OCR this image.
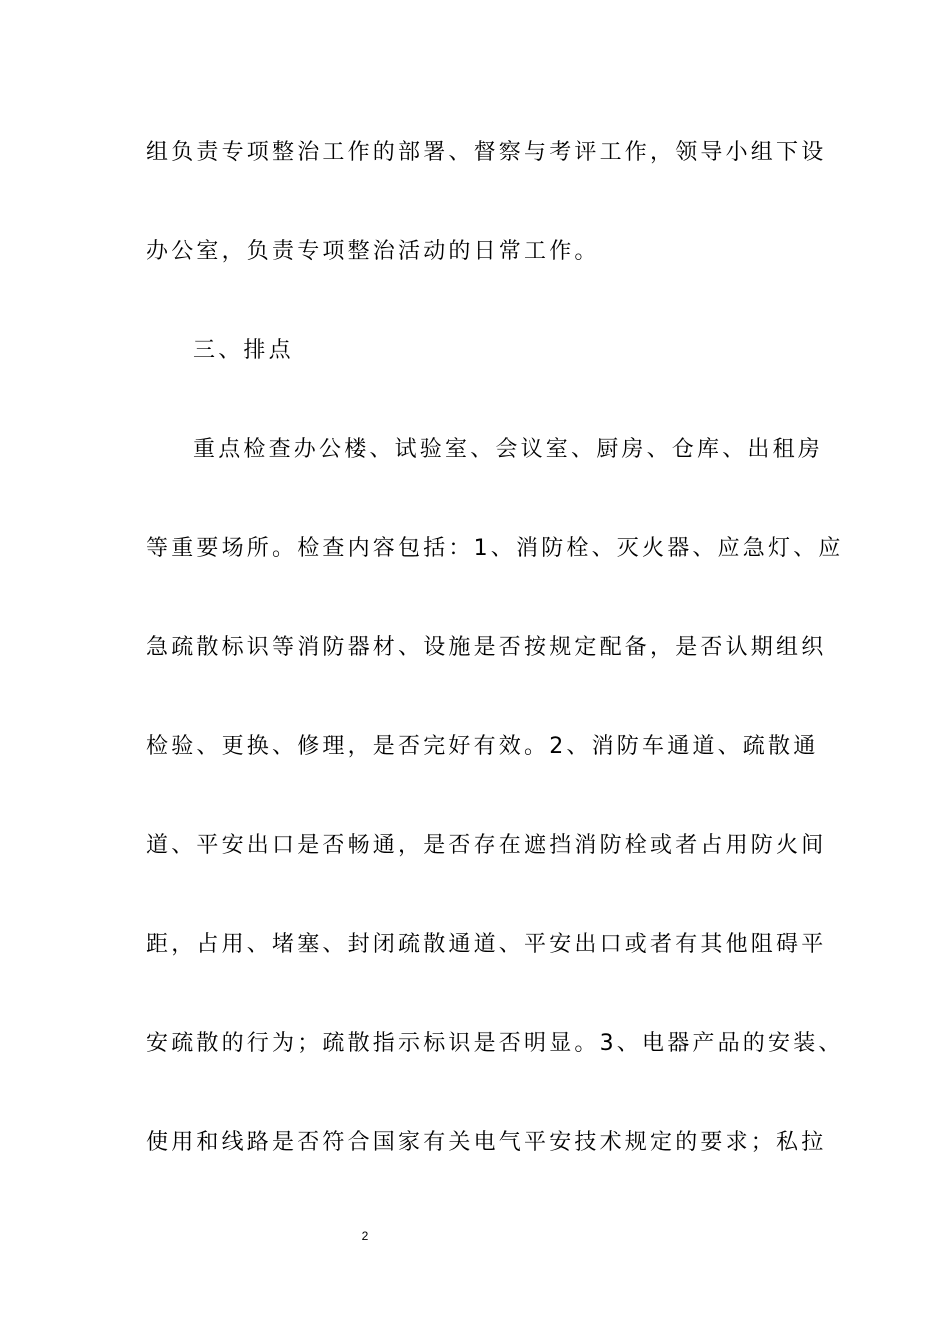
组负责专项整治工作的部署、督察与考评工作，领导小组下设
办公室，负责专项整治活动的日常工作。
三、排点
重点检查办公楼、试验室、会议室、厨房、仓库、出租房
等重要场所。检查内容包括：1、消防栓、灭火器、应急灯、应
急疏散标识等消防器材、设施是否按规定配备，是否认期组织
检验、更换、修理，是否完好有效。2、消防车通道、疏散通
道、平安出口是否畅通，是否存在遮挡消防栓或者占用防火间
距，占用、堵塞、封闭疏散通道、平安出口或者有其他阻碍平
安疏散的行为；疏散指示标识是否明显。3、电器产品的安装、
使用和线路是否符合国家有关电气平安技术规定的要求；私拉
2
